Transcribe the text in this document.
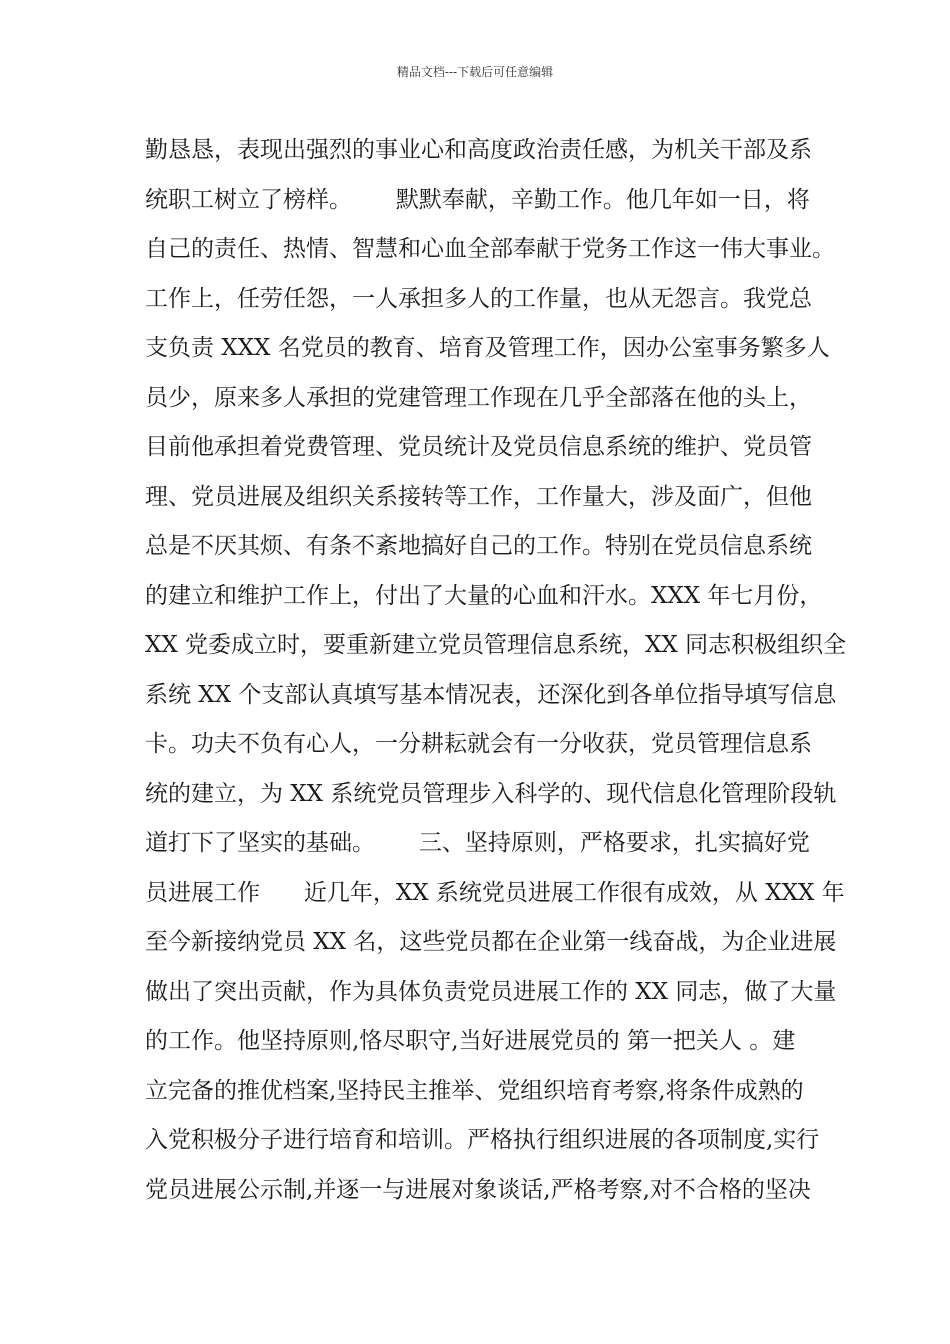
精品文档---下载后可任意编辑
勤恳恳，表现出强烈的事业心和高度政治责任感，为机关干部及系
统职工树立了榜样。      默默奉献，辛勤工作。他几年如一日，将
自己的责任、热情、智慧和心血全部奉献于党务工作这一伟大事业。
工作上，任劳任怨，一人承担多人的工作量，也从无怨言。我党总
支负责 XXX 名党员的教育、培育及管理工作，因办公室事务繁多人
员少，原来多人承担的党建管理工作现在几乎全部落在他的头上，
目前他承担着党费管理、党员统计及党员信息系统的维护、党员管
理、党员进展及组织关系接转等工作，工作量大，涉及面广，但他
总是不厌其烦、有条不紊地搞好自己的工作。特别在党员信息系统
的建立和维护工作上，付出了大量的心血和汗水。XXX 年七月份，
XX 党委成立时，要重新建立党员管理信息系统，XX 同志积极组织全
系统 XX 个支部认真填写基本情况表，还深化到各单位指导填写信息
卡。功夫不负有心人，一分耕耘就会有一分收获，党员管理信息系
统的建立，为 XX 系统党员管理步入科学的、现代信息化管理阶段轨
道打下了坚实的基础。      三、坚持原则，严格要求，扎实搞好党
员进展工作      近几年，XX 系统党员进展工作很有成效，从 XXX 年
至今新接纳党员 XX 名，这些党员都在企业第一线奋战，为企业进展
做出了突出贡献，作为具体负责党员进展工作的 XX 同志，做了大量
的工作。他坚持原则,恪尽职守,当好进展党员的 第一把关人 。建
立完备的推优档案,坚持民主推举、党组织培育考察,将条件成熟的
入党积极分子进行培育和培训。严格执行组织进展的各项制度,实行
党员进展公示制,并逐一与进展对象谈话,严格考察,对不合格的坚决
